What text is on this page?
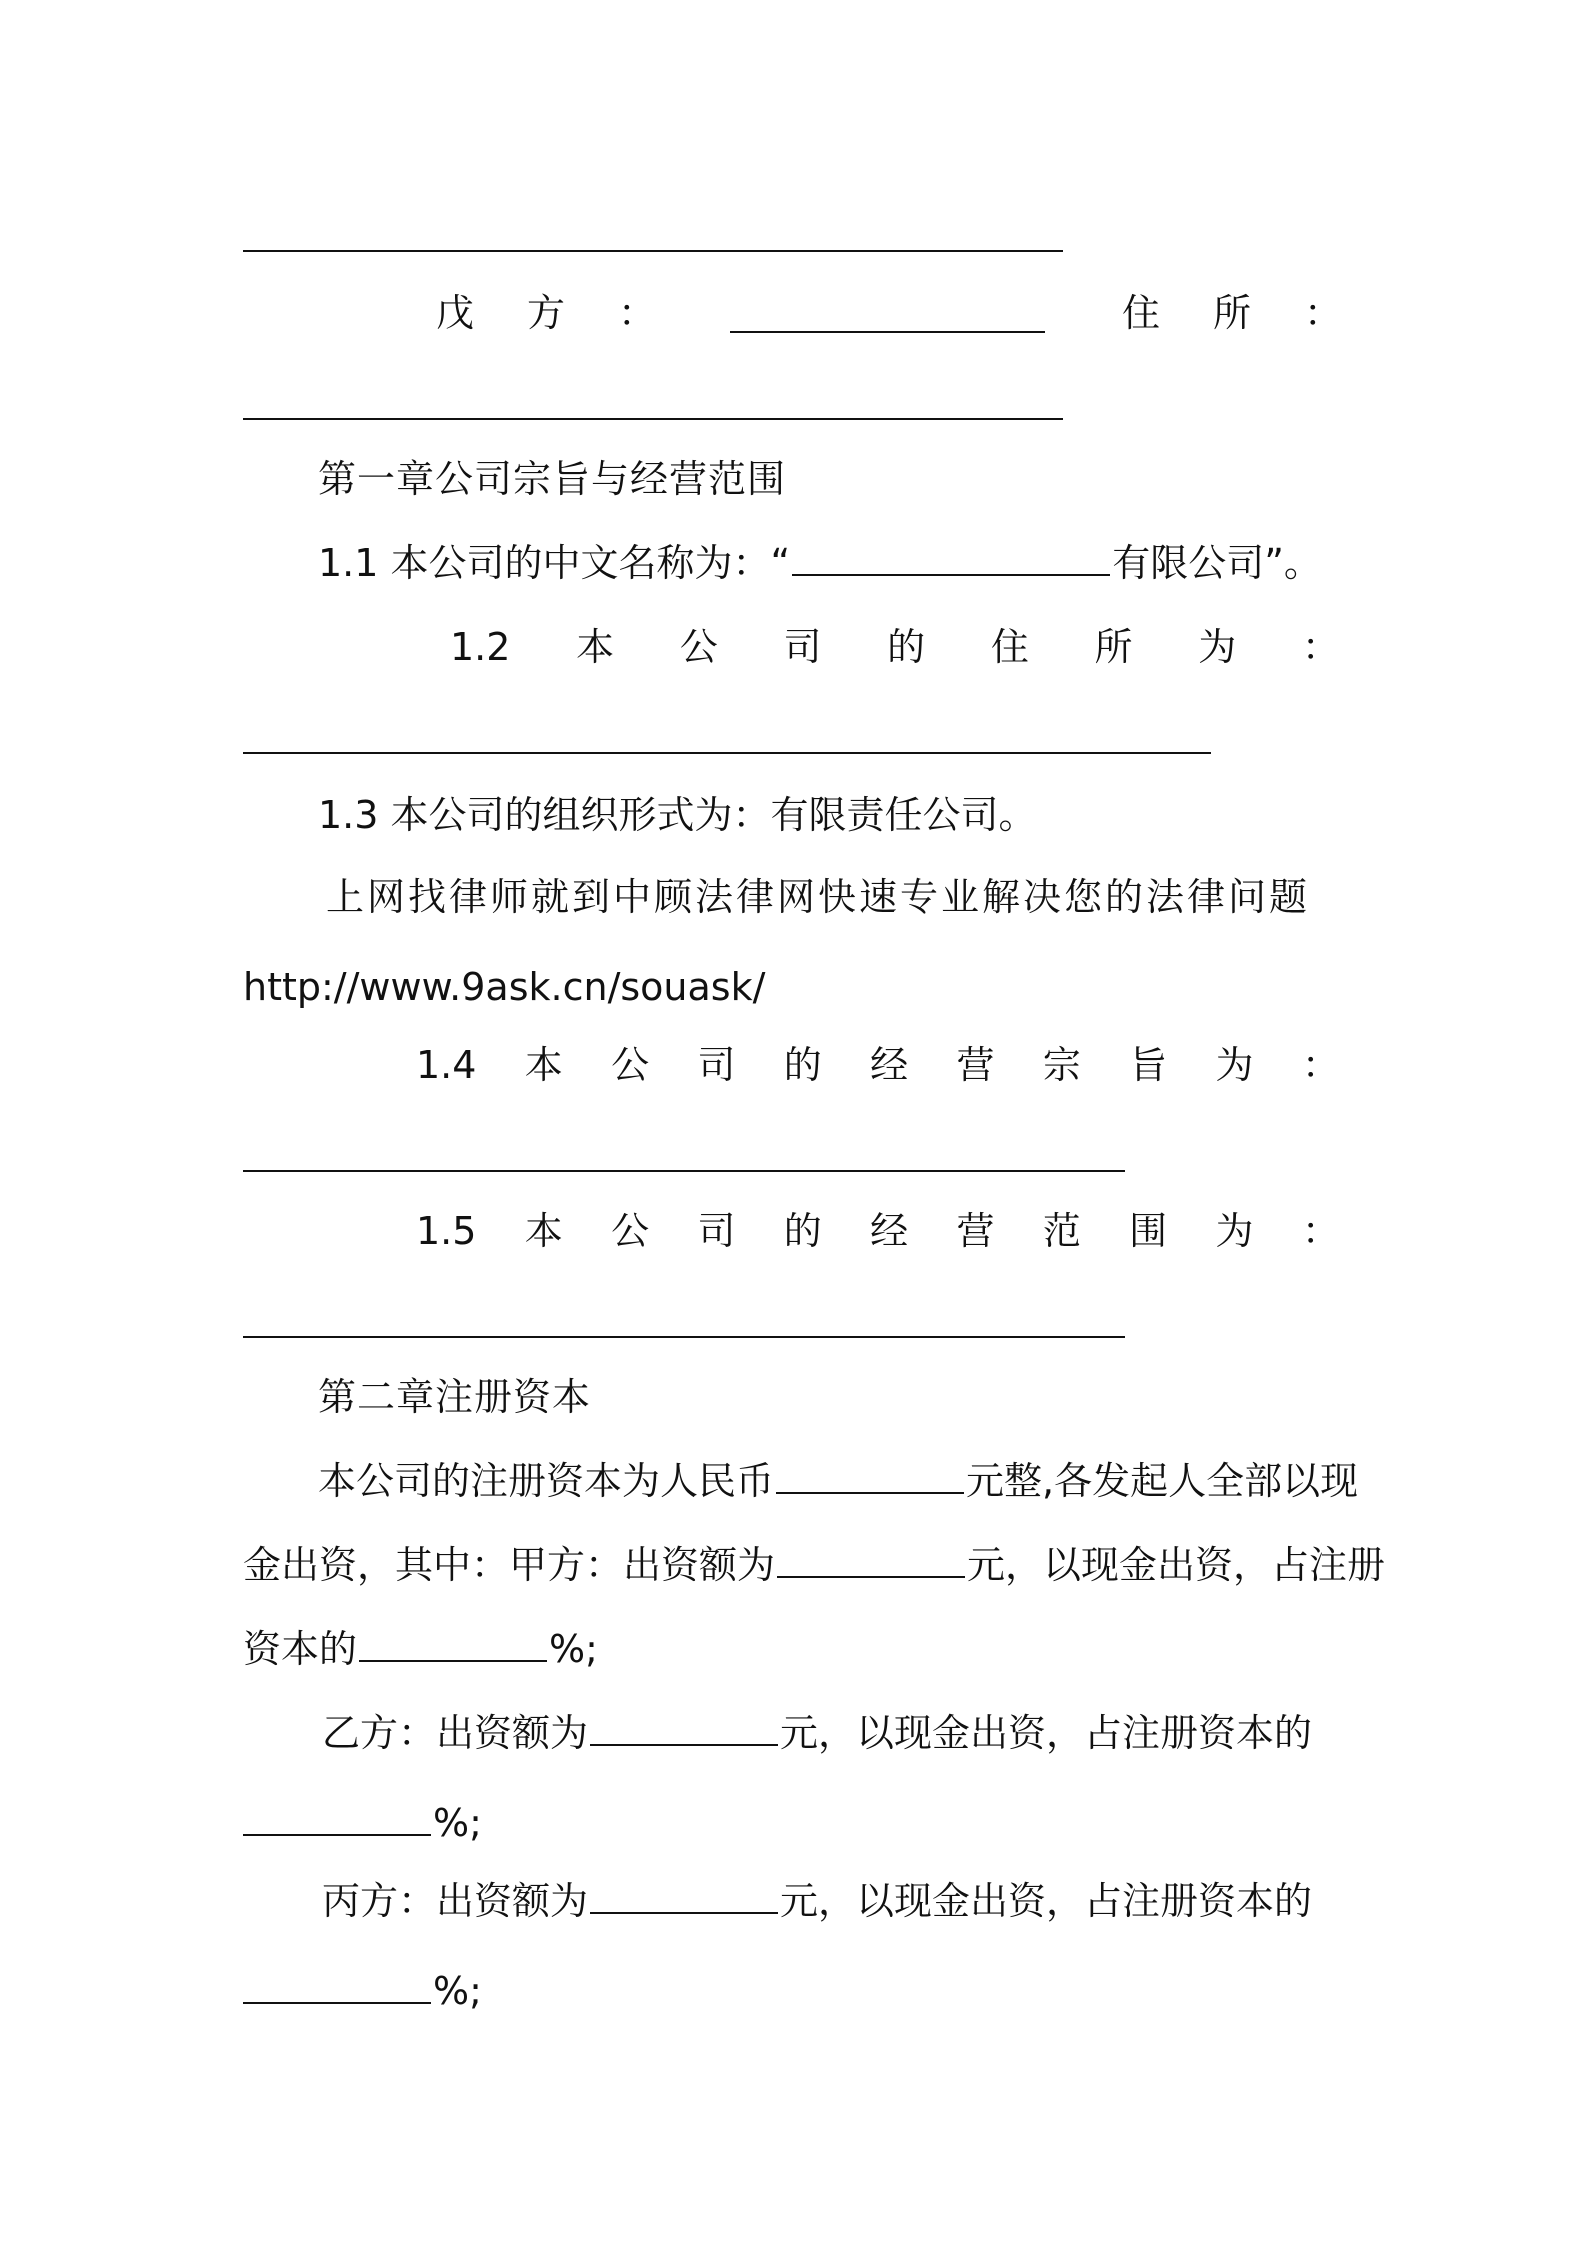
戊 方 ：	住 所 ：
第一章公司宗旨与经营范围
1.1 本公司的中文名称为：“	有限公司”。
1.2 本 公 司 的 住 所 为 ：
1.3 本公司的组织形式为：有限责任公司。
上网找律师就到中顾法律网快速专业解决您的法律问题
http://www.9ask.cn/souask/
1.4 本 公 司 的 经 营 宗 旨 为 ：
1.5 本 公 司 的 经 营 范 围 为 ：
第二章注册资本
本公司的注册资本为人民币	元整,各发起人全部以现
金出资，其中：甲方：出资额为	元，以现金出资，占注册
资本的	%;
乙方：出资额为	元，以现金出资，占注册资本的
%;
丙方：出资额为	元，以现金出资，占注册资本的
%;
